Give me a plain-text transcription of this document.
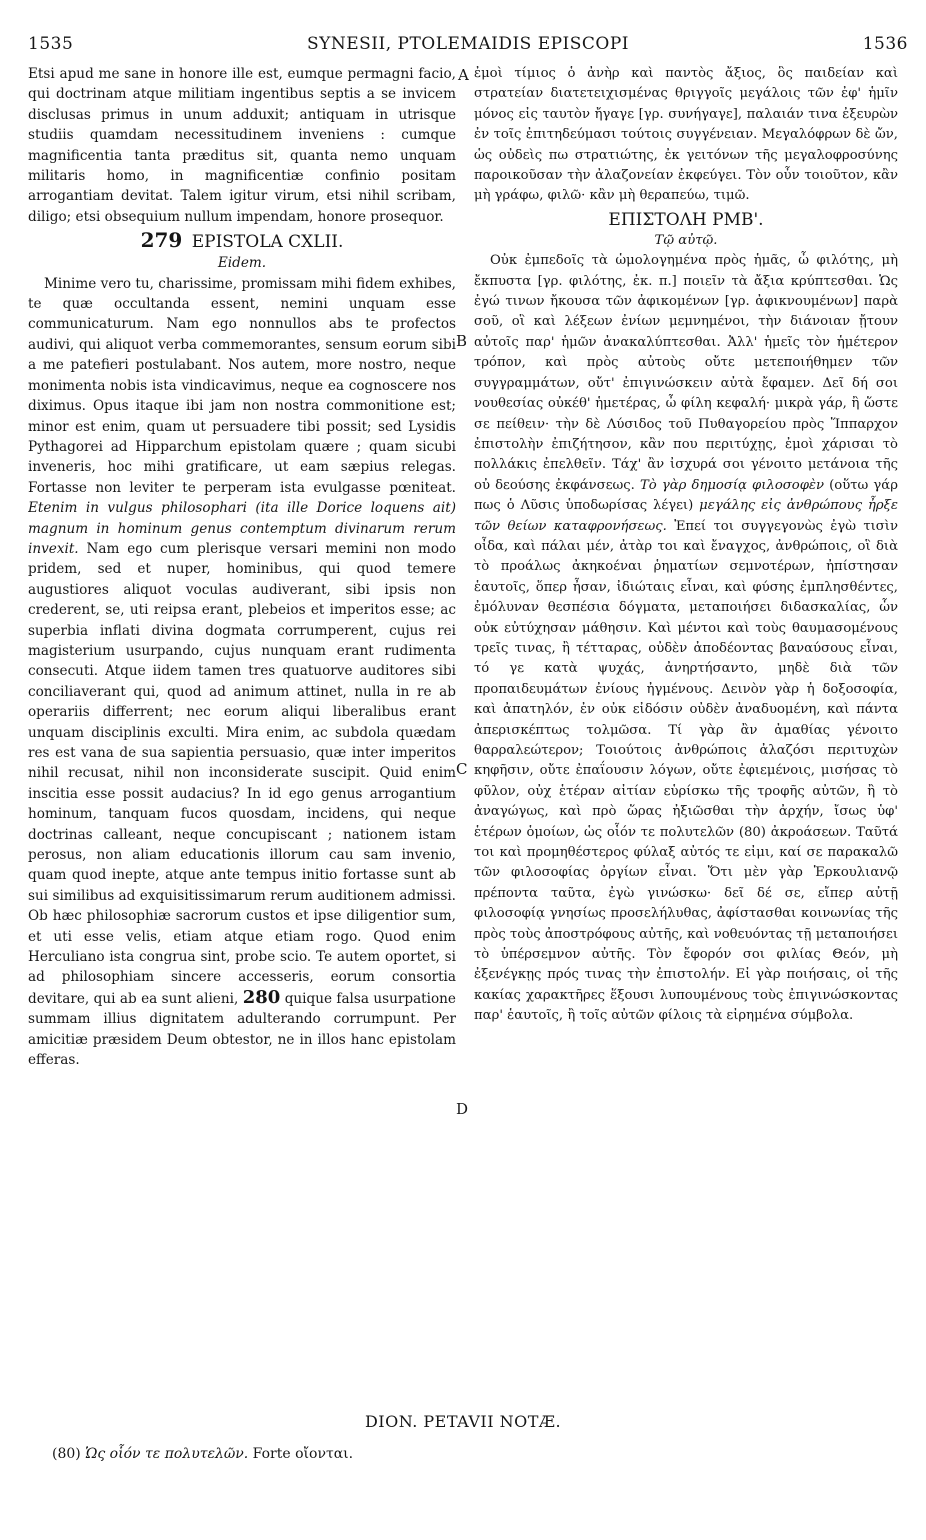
1535	SYNESII, PTOLEMAIDIS EPISCOPI	1536

Etsi apud me sane in honore ille est, eumque permagni facio, qui doctrinam atque militiam ingentibus septis a se invicem disclusas primus in unum adduxit; antiquam in utrisque studiis quamdam necessitudinem inveniens : cumque magnificentia tanta præditus sit, quanta nemo unquam militaris homo, in magnificentiæ confinio positam arrogantiam devitat. Talem igitur virum, etsi nihil scribam, diligo; etsi obsequium nullum impendam, honore prosequor.

279 EPISTOLA CXLII.

Eidem.

Minime vero tu, charissime, promissam mihi fidem exhibes, te quæ occultanda essent, nemini unquam esse communicaturum. Nam ego nonnullos abs te profectos audivi, qui aliquot verba commemorantes, sensum eorum sibi a me patefieri postulabant. Nos autem, more nostro, neque monimenta nobis ista vindicavimus, neque ea cognoscere nos diximus. Opus itaque ibi jam non nostra commonitione est; minor est enim, quam ut persuadere tibi possit; sed Lysidis Pythagorei ad Hipparchum epistolam quære ; quam sicubi inveneris, hoc mihi gratificare, ut eam sæpius relegas. Fortasse non leviter te perperam ista evulgasse pœniteat. Etenim in vulgus philosophari (ita ille Dorice loquens ait) magnum in hominum genus contemptum divinarum rerum invexit. Nam ego cum plerisque versari memini non modo pridem, sed et nuper, hominibus, qui quod temere augustiores aliquot voculas audiverant, sibi ipsis non crederent, se, uti reipsa erant, plebeios et imperitos esse; ac superbia inflati divina dogmata corrumperent, cujus rei magisterium usurpando, cujus nunquam erant rudimenta consecuti. Atque iidem tamen tres quatuorve auditores sibi conciliaverant qui, quod ad animum attinet, nulla in re ab operariis differrent; nec eorum aliqui liberalibus erant unquam disciplinis exculti. Mira enim, ac subdola quædam res est vana de sua sapientia persuasio, quæ inter imperitos nihil recusat, nihil non inconsiderate suscipit. Quid enim inscitia esse possit audacius? In id ego genus arrogantium hominum, tanquam fucos quosdam, incidens, qui neque doctrinas calleant, neque concupiscant ; nationem istam perosus, non aliam educationis illorum cau sam invenio, quam quod inepte, atque ante tempus initio fortasse sunt ab sui similibus ad exquisitissimarum rerum auditionem admissi. Ob hæc philosophiæ sacrorum custos et ipse diligentior sum, et uti esse velis, etiam atque etiam rogo. Quod enim Herculiano ista congrua sint, probe scio. Te autem oportet, si ad philosophiam sincere accesseris, eorum consortia devitare, qui ab ea sunt alieni, 280 quique falsa usurpatione summam illius dignitatem adulterando corrumpunt. Per amicitiæ præsidem Deum obtestor, ne in illos hanc epistolam efferas.

A
B
C
D

ἐμοὶ τίμιος ὁ ἀνὴρ καὶ παντὸς ἄξιος, ὃς παιδείαν καὶ στρατείαν διατετειχισμένας θριγγοῖς μεγάλοις τῶν ἐφ' ἡμῖν μόνος εἰς ταυτὸν ἤγαγε [γρ. συνήγαγε], παλαιάν τινα ἐξευρὼν ἐν τοῖς ἐπιτηδεύμασι τούτοις συγγένειαν. Μεγαλόφρων δὲ ὤν, ὡς οὐδεὶς πω στρατιώτης, ἐκ γειτόνων τῆς μεγαλοφροσύνης παροικοῦσαν τὴν ἀλαζονείαν ἐκφεύγει. Τὸν οὖν τοιοῦτον, κἂν μὴ γράφω, φιλῶ· κἂν μὴ θεραπεύω, τιμῶ.

ΕΠΙΣΤΟΛΗ ΡΜΒ'.

Τῷ αὐτῷ.

Οὐκ ἐμπεδοῖς τὰ ὡμολογημένα πρὸς ἡμᾶς, ὦ φιλότης, μὴ ἔκπυστα [γρ. φιλότης, ἐκ. π.] ποιεῖν τὰ ἄξια κρύπτεσθαι. Ὡς ἐγώ τινων ἤκουσα τῶν ἀφικομένων [γρ. ἀφικνουμένων] παρὰ σοῦ, οἳ καὶ λέξεων ἐνίων μεμνημένοι, τὴν διάνοιαν ᾔτουν αὐτοῖς παρ' ἡμῶν ἀνακαλύπτεσθαι. Ἀλλ' ἡμεῖς τὸν ἡμέτερον τρόπον, καὶ πρὸς αὐτοὺς οὔτε μετεποιήθημεν τῶν συγγραμμάτων, οὔτ' ἐπιγινώσκειν αὐτὰ ἔφαμεν. Δεῖ δή σοι νουθεσίας οὐκέθ' ἡμετέρας, ὦ φίλη κεφαλή· μικρὰ γάρ, ἢ ὥστε σε πείθειν· τὴν δὲ Λύσιδος τοῦ Πυθαγορείου πρὸς Ἵππαρχον ἐπιστολὴν ἐπιζήτησον, κἂν που περιτύχῃς, ἐμοὶ χάρισαι τὸ πολλάκις ἐπελθεῖν. Τάχ' ἂν ἰσχυρά σοι γένοιτο μετάνοια τῆς οὐ δεούσης ἐκφάνσεως. Τὸ γὰρ δημοσίᾳ φιλοσοφὲν (οὕτω γάρ πως ὁ Λῦσις ὑποδωρίσας λέγει) μεγάλης εἰς ἀνθρώπους ἦρξε τῶν θείων καταφρονήσεως. Ἐπεί τοι συγγεγονὼς ἐγὼ τισὶν οἶδα, καὶ πάλαι μέν, ἀτὰρ τοι καὶ ἔναγχος, ἀνθρώποις, οἳ διὰ τὸ προάλως ἀκηκοέναι ῥηματίων σεμνοτέρων, ἠπίστησαν ἑαυτοῖς, ὅπερ ἦσαν, ἰδιώταις εἶναι, καὶ φύσης ἐμπλησθέντες, ἐμόλυναν θεσπέσια δόγματα, μεταποιήσει διδασκαλίας, ὧν οὐκ εὐτύχησαν μάθησιν. Καὶ μέντοι καὶ τοὺς θαυμασομένους τρεῖς τινας, ἢ τέτταρας, οὐδὲν ἀποδέοντας βαναύσους εἶναι, τό γε κατὰ ψυχάς, ἀνηρτήσαντο, μηδὲ διὰ τῶν προπαιδευμάτων ἐνίους ἠγμένους. Δεινὸν γὰρ ἡ δοξοσοφία, καὶ ἀπατηλόν, ἐν οὐκ εἰδόσιν οὐδὲν ἀναδυομένη, καὶ πάντα ἀπερισκέπτως τολμῶσα. Τί γὰρ ἂν ἀμαθίας γένοιτο θαρραλεώτερον; Τοιούτοις ἀνθρώποις ἀλαζόσι περιτυχὼν κηφῆσιν, οὔτε ἐπαΐουσιν λόγων, οὔτε ἐφιεμένοις, μισήσας τὸ φῦλον, οὐχ ἑτέραν αἰτίαν εὑρίσκω τῆς τροφῆς αὐτῶν, ἢ τὸ ἀναγώγως, καὶ πρὸ ὥρας ἠξιῶσθαι τὴν ἀρχήν, ἴσως ὑφ' ἑτέρων ὁμοίων, ὡς οἷόν τε πολυτελῶν (80) ἀκροάσεων. Ταῦτά τοι καὶ προμηθέστερος φύλαξ αὐτός τε εἰμι, καί σε παρακαλῶ τῶν φιλοσοφίας ὀργίων εἶναι. Ὅτι μὲν γὰρ Ἑρκουλιανῷ πρέποντα ταῦτα, ἐγὼ γινώσκω· δεῖ δέ σε, εἴπερ αὐτῇ φιλοσοφίᾳ γνησίως προσελήλυθας, ἀφίστασθαι κοινωνίας τῆς πρὸς τοὺς ἀποστρόφους αὐτῆς, καὶ νοθευόντας τῇ μεταποιήσει τὸ ὑπέρσεμνον αὐτῆς. Τὸν ἔφορόν σοι φιλίας Θεόν, μὴ ἐξενέγκῃς πρός τινας τὴν ἐπιστολήν. Εἰ γὰρ ποιήσαις, οἱ τῆς κακίας χαρακτῆρες ἕξουσι λυπουμένους τοὺς ἐπιγινώσκοντας παρ' ἑαυτοῖς, ἢ τοῖς αὐτῶν φίλοις τὰ εἰρημένα σύμβολα.

DION. PETAVII NOTÆ.
(80) Ὡς οἷόν τε πολυτελῶν. Forte οἴονται.
